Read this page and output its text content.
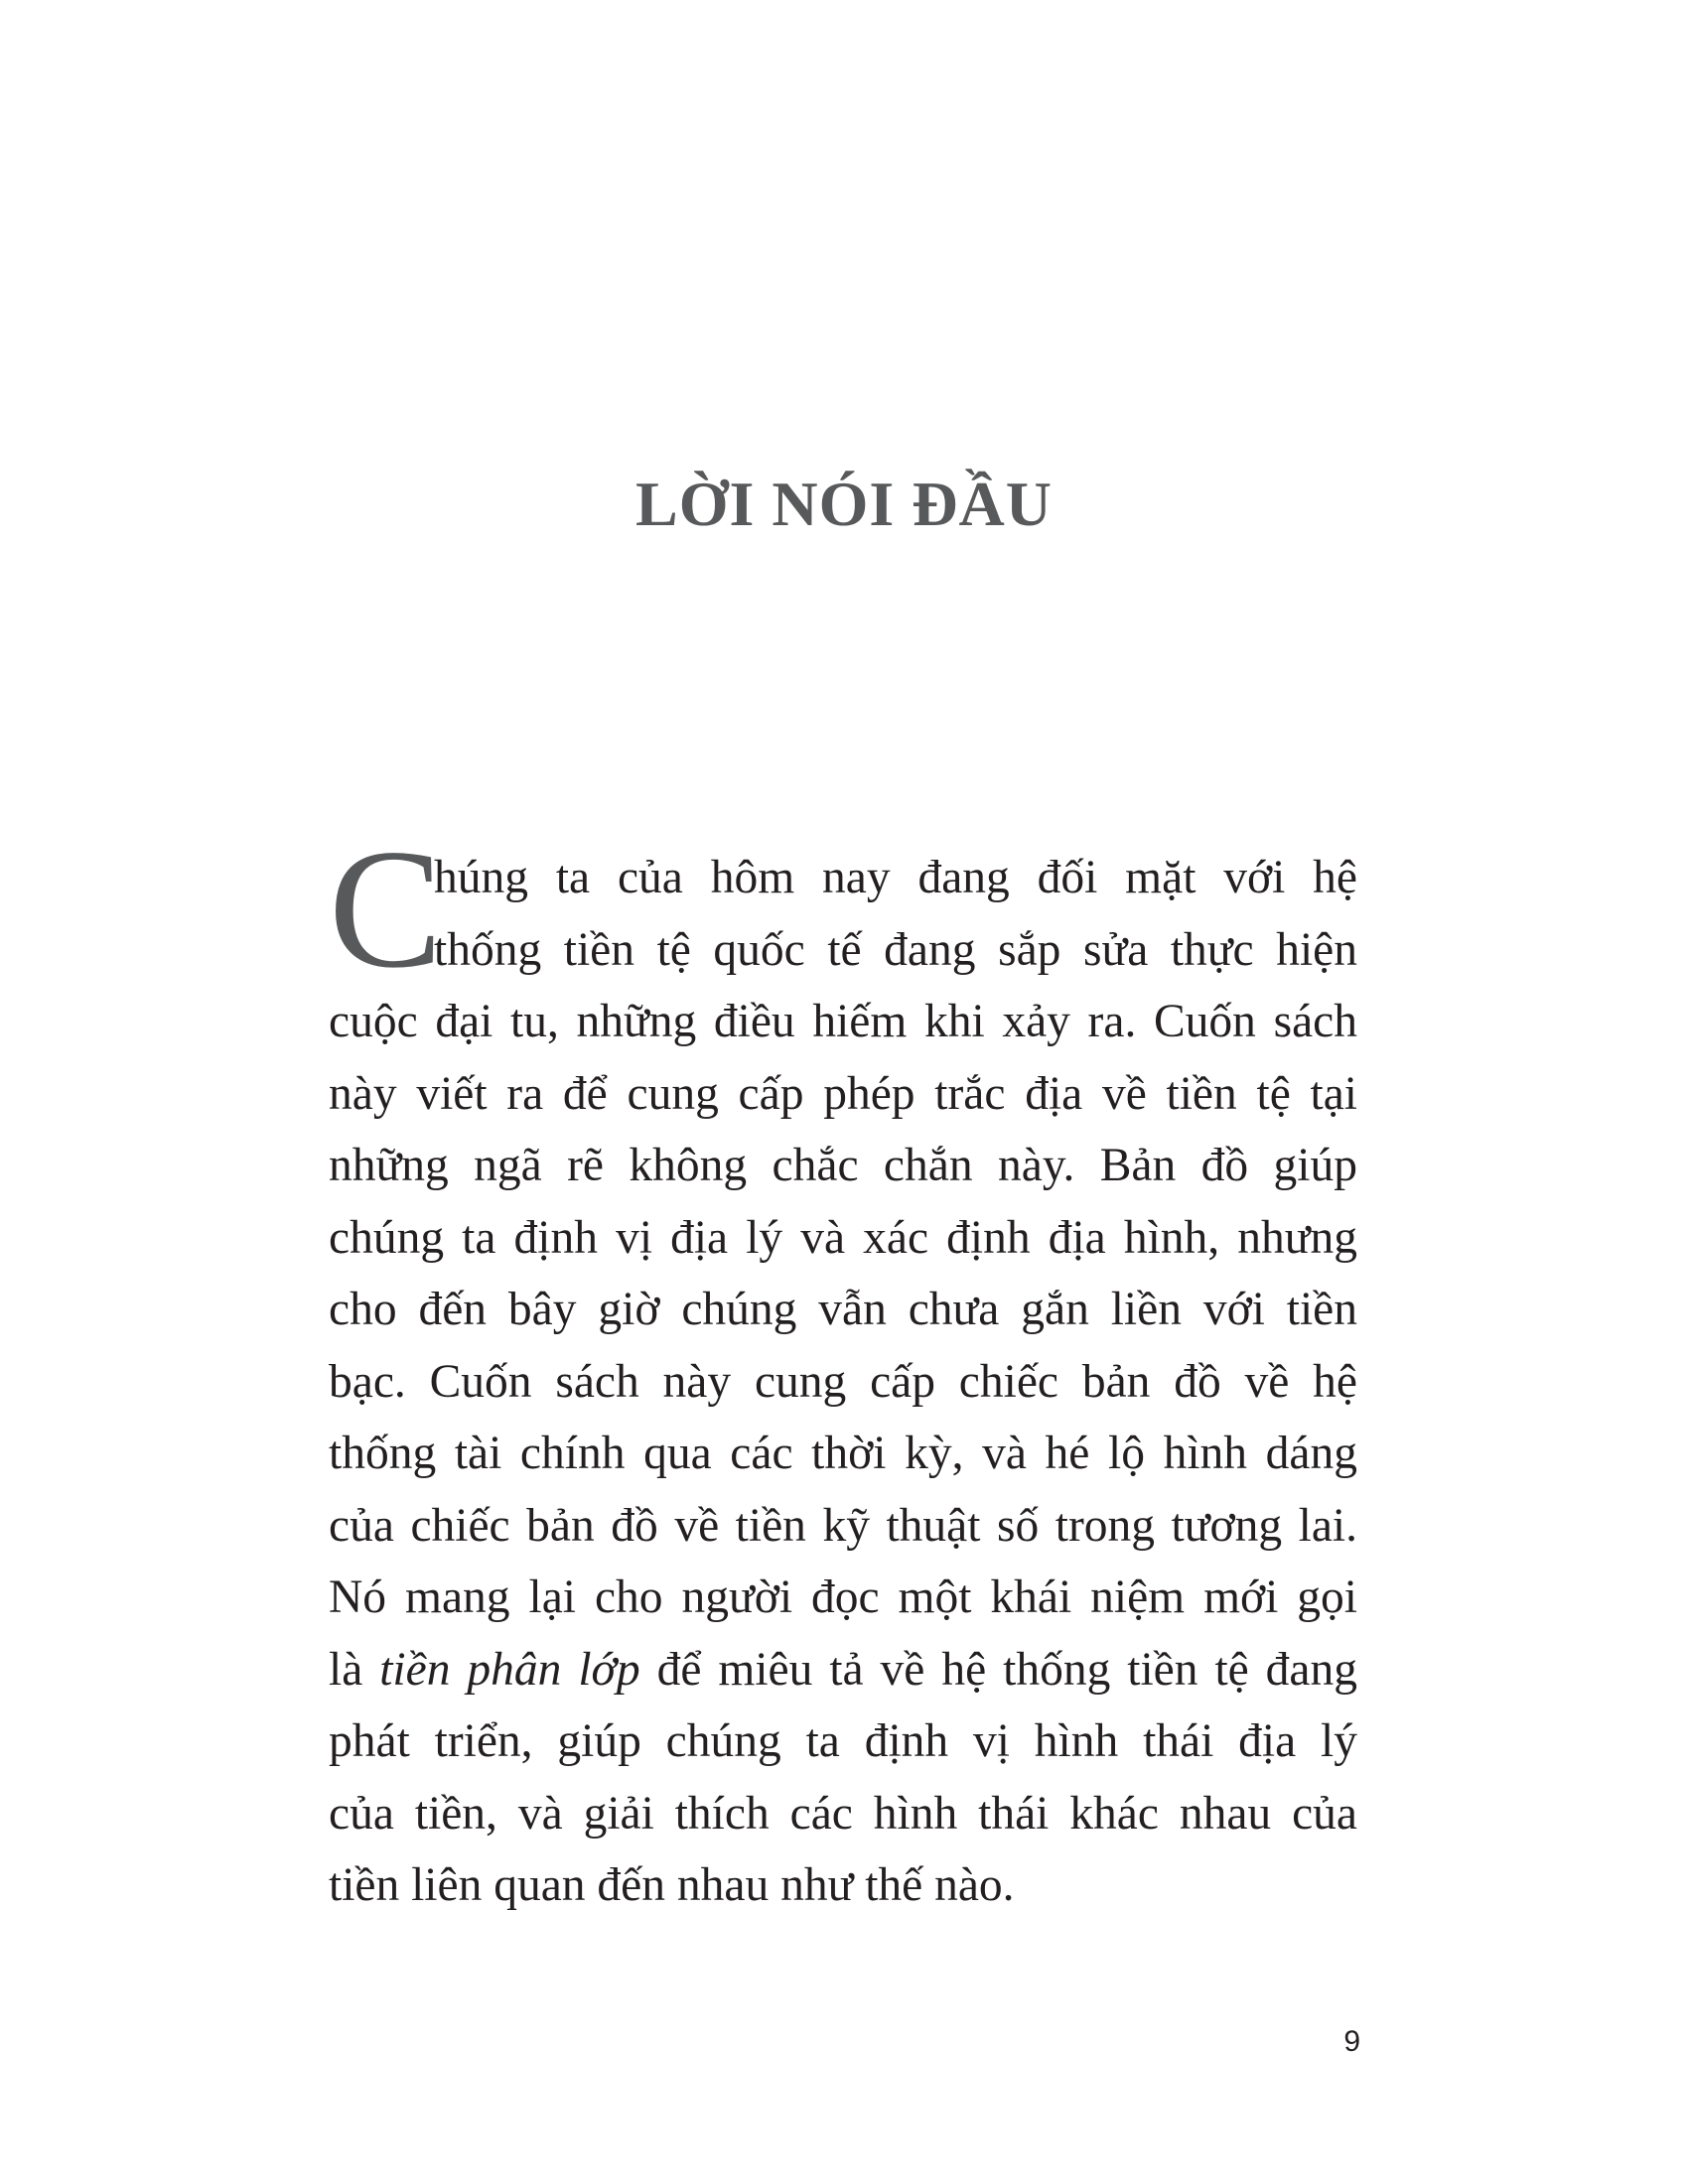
LỜI NÓI ĐẦU
C
húng ta của hôm nay đang đối mặt với hệ
thống tiền tệ quốc tế đang sắp sửa thực hiện
cuộc đại tu, những điều hiếm khi xảy ra. Cuốn sách
này viết ra để cung cấp phép trắc địa về tiền tệ tại
những ngã rẽ không chắc chắn này. Bản đồ giúp
chúng ta định vị địa lý và xác định địa hình, nhưng
cho đến bây giờ chúng vẫn chưa gắn liền với tiền
bạc. Cuốn sách này cung cấp chiếc bản đồ về hệ
thống tài chính qua các thời kỳ, và hé lộ hình dáng
của chiếc bản đồ về tiền kỹ thuật số trong tương lai.
Nó mang lại cho người đọc một khái niệm mới gọi
là tiền phân lớp để miêu tả về hệ thống tiền tệ đang
phát triển, giúp chúng ta định vị hình thái địa lý
của tiền, và giải thích các hình thái khác nhau của
tiền liên quan đến nhau như thế nào.
9
